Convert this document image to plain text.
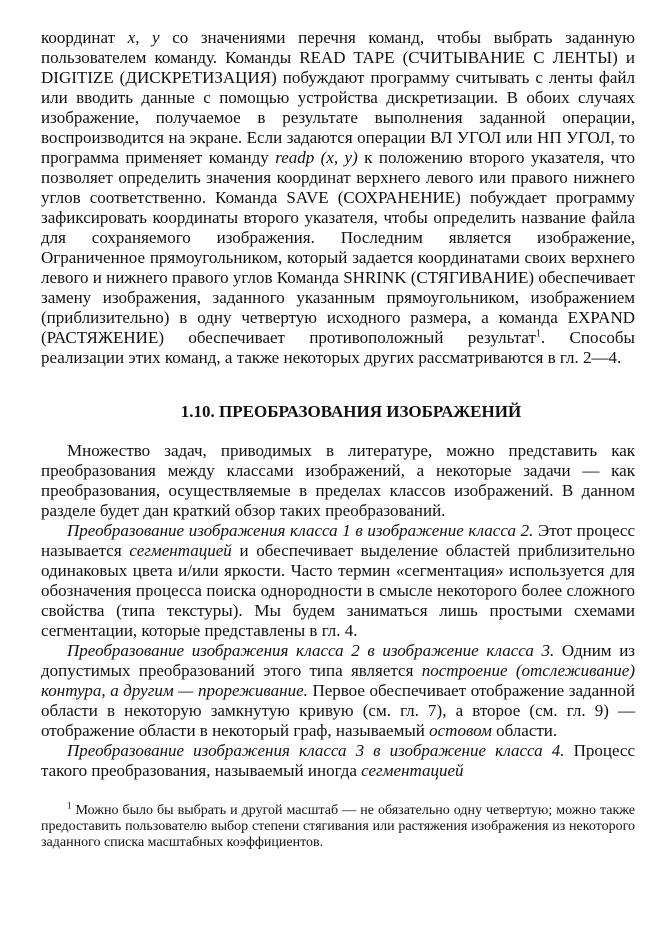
координат x, y со значениями перечня команд, чтобы выбрать заданную пользователем команду. Команды READ TAPE (СЧИТЫВАНИЕ С ЛЕНТЫ) и DIGITIZE (ДИСКРЕТИЗАЦИЯ) побуждают программу считывать с ленты файл или вводить данные с помощью устройства дискретизации. В обоих случаях изображение, получаемое в результате выполнения заданной операции, воспроизводится на экране. Если задаются операции ВЛ УГОЛ или НП УГОЛ, то программа применяет команду readp (x, y) к положению второго указателя, что позволяет определить значения координат верхнего левого или правого нижнего углов соответственно. Команда SAVE (СОХРАНЕНИЕ) побуждает программу зафиксировать координаты второго указателя, чтобы определить название файла для сохраняемого изображения. Последним является изображение, Ограниченное прямоугольником, который задается координатами своих верхнего левого и нижнего правого углов Команда SHRINK (СТЯГИВАНИЕ) обеспечивает замену изображения, заданного указанным прямоугольником, изображением (приблизительно) в одну четвертую исходного размера, а команда EXPAND (РАСТЯЖЕНИЕ) обеспечивает противоположный результат$^1$. Способы реализации этих команд, а также некоторых других рассматриваются в гл. 2—4.

1.10. ПРЕОБРАЗОВАНИЯ ИЗОБРАЖЕНИЙ

Множество задач, приводимых в литературе, можно представить как преобразования между классами изображений, а некоторые задачи — как преобразования, осуществляемые в пределах классов изображений. В данном разделе будет дан краткий обзор таких преобразований.

Преобразование изображения класса 1 в изображение класса 2. Этот процесс называется сегментацией и обеспечивает выделение областей приблизительно одинаковых цвета и/или яркости. Часто термин «сегментация» используется для обозначения процесса поиска однородности в смысле некоторого более сложного свойства (типа текстуры). Мы будем заниматься лишь простыми схемами сегментации, которые представлены в гл. 4.

Преобразование изображения класса 2 в изображение класса 3. Одним из допустимых преобразований этого типа является построение (отслеживание) контура, а другим — прореживание. Первое обеспечивает отображение заданной области в некоторую замкнутую кривую (см. гл. 7), а второе (см. гл. 9) — отображение области в некоторый граф, называемый остовом области.

Преобразование изображения класса 3 в изображение класса 4. Процесс такого преобразования, называемый иногда сегментацией

$^1$ Можно было бы выбрать и другой масштаб — не обязательно одну четвертую; можно также предоставить пользователю выбор степени стягивания или растяжения изображения из некоторого заданного списка масштабных коэффициентов.
